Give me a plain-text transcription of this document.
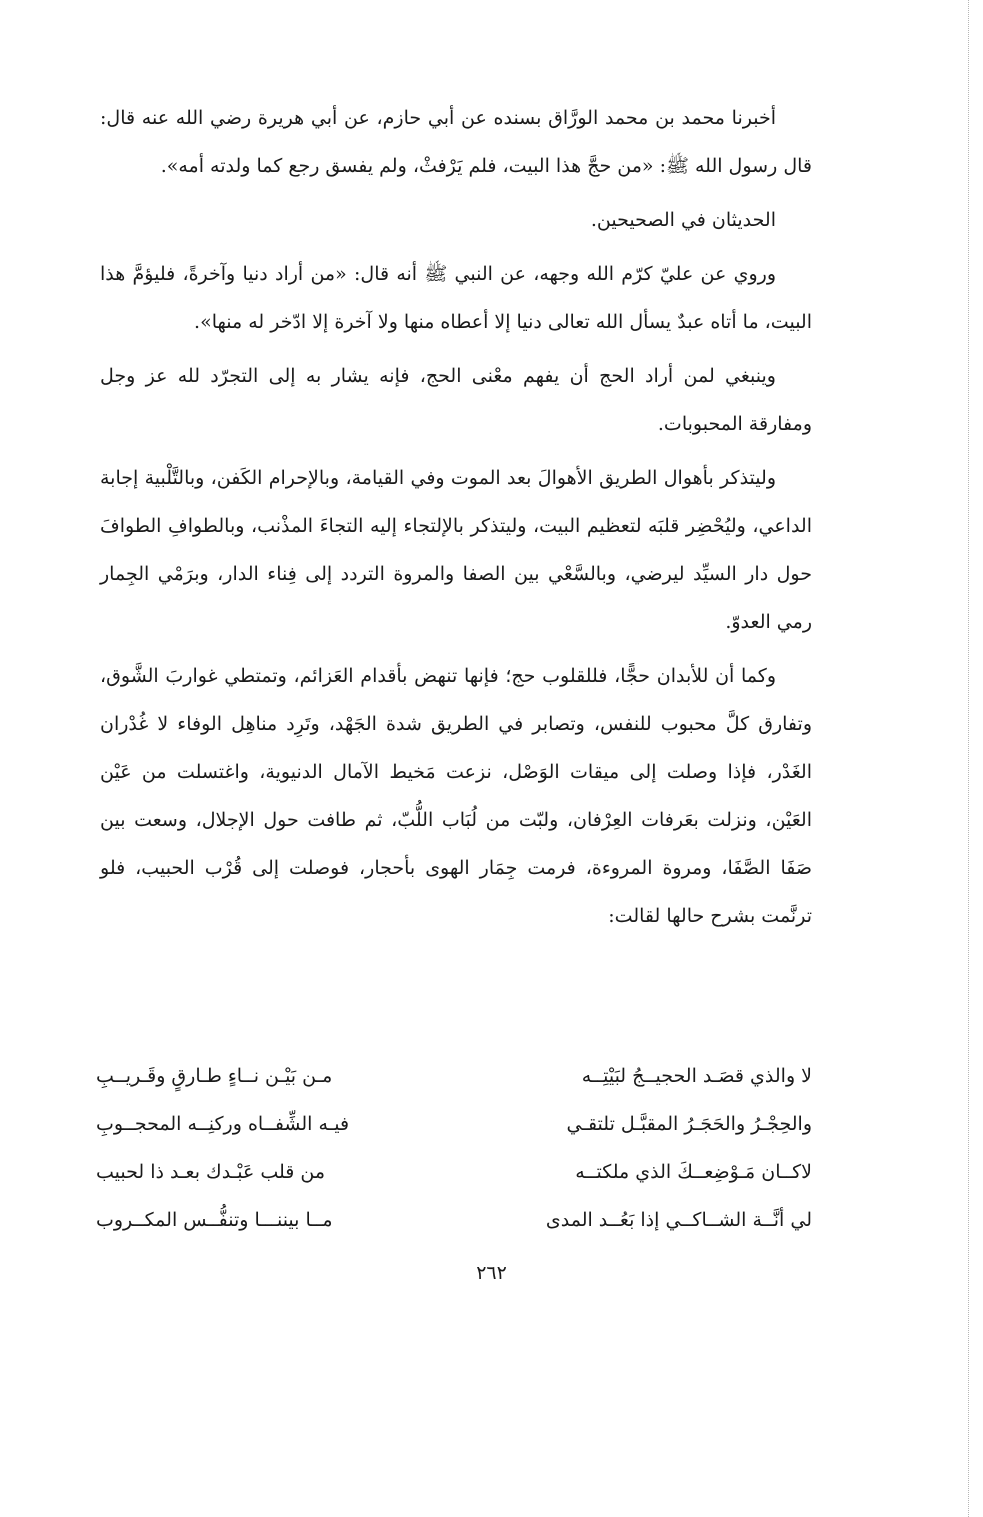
أخبرنا محمد بن محمد الورَّاق بسنده عن أبي حازم، عن أبي هريرة رضي الله عنه قال: قال رسول الله ﷺ: «من حجَّ هذا البيت، فلم يَرْفثْ، ولم يفسق رجع كما ولدته أمه».

الحديثان في الصحيحين.

وروي عن عليّ كرّم الله وجهه، عن النبي ﷺ أنه قال: «من أراد دنيا وآخرةً، فليؤمَّ هذا البيت، ما أتاه عبدٌ يسأل الله تعالى دنيا إلا أعطاه منها ولا آخرة إلا ادّخر له منها».

وينبغي لمن أراد الحج أن يفهم معْنى الحج، فإنه يشار به إلى التجرّد لله عز وجل ومفارقة المحبوبات.

وليتذكر بأهوال الطريق الأهوالَ بعد الموت وفي القيامة، وبالإحرام الكَفن، وبالتَّلْبية إجابة الداعي، وليُحْضِر قلبَه لتعظيم البيت، وليتذكر بالإلتجاء إليه التجاءَ المذْنب، وبالطوافِ الطوافَ حول دار السيِّد ليرضي، وبالسَّعْي بين الصفا والمروة التردد إلى فِناء الدار، وبرَمْي الجِمار رمي العدوّ.

وكما أن للأبدان حجًّا، فللقلوب حج؛ فإنها تنهض بأقدام العَزائم، وتمتطي غواربَ الشَّوق، وتفارق كلَّ محبوب للنفس، وتصابر في الطريق شدة الجَهْد، وتَرِد مناهِل الوفاء لا غُدْران الغَدْر، فإذا وصلت إلى ميقات الوَصْل، نزعت مَخيط الآمال الدنيوية، واغتسلت من عَيْن العَيْن، ونزلت بعَرفات العِرْفان، ولبّت من لُبَاب اللُّبّ، ثم طافت حول الإجلال، وسعت بين صَفَا الصَّفَا، ومروة المروءة، فرمت جِمَار الهوى بأحجار، فوصلت إلى قُرْب الحبيب، فلو ترنَّمت بشرح حالها لقالت:

لا والذي قصَـد الحجيــجُ لبَيْتِــه
مـن بَيْـن نــاءٍ طـارقٍ وقَـريــبِ
والحِجْـرُ والحَجَـرُ المقبَّـل تلتقـي
فيـه الشِّفــاه وركنِــه المحجــوبِ
لاكــان مَـوْضِعــكَ الذي ملكتــه
من قلب عَبْـدك بعـد ذا لحبيب
لي أنَّــة الشــاكــي إذا بَعُــد المدى
مــا بيننـــا وتنفُّــس المكــروب
٢٦٢
